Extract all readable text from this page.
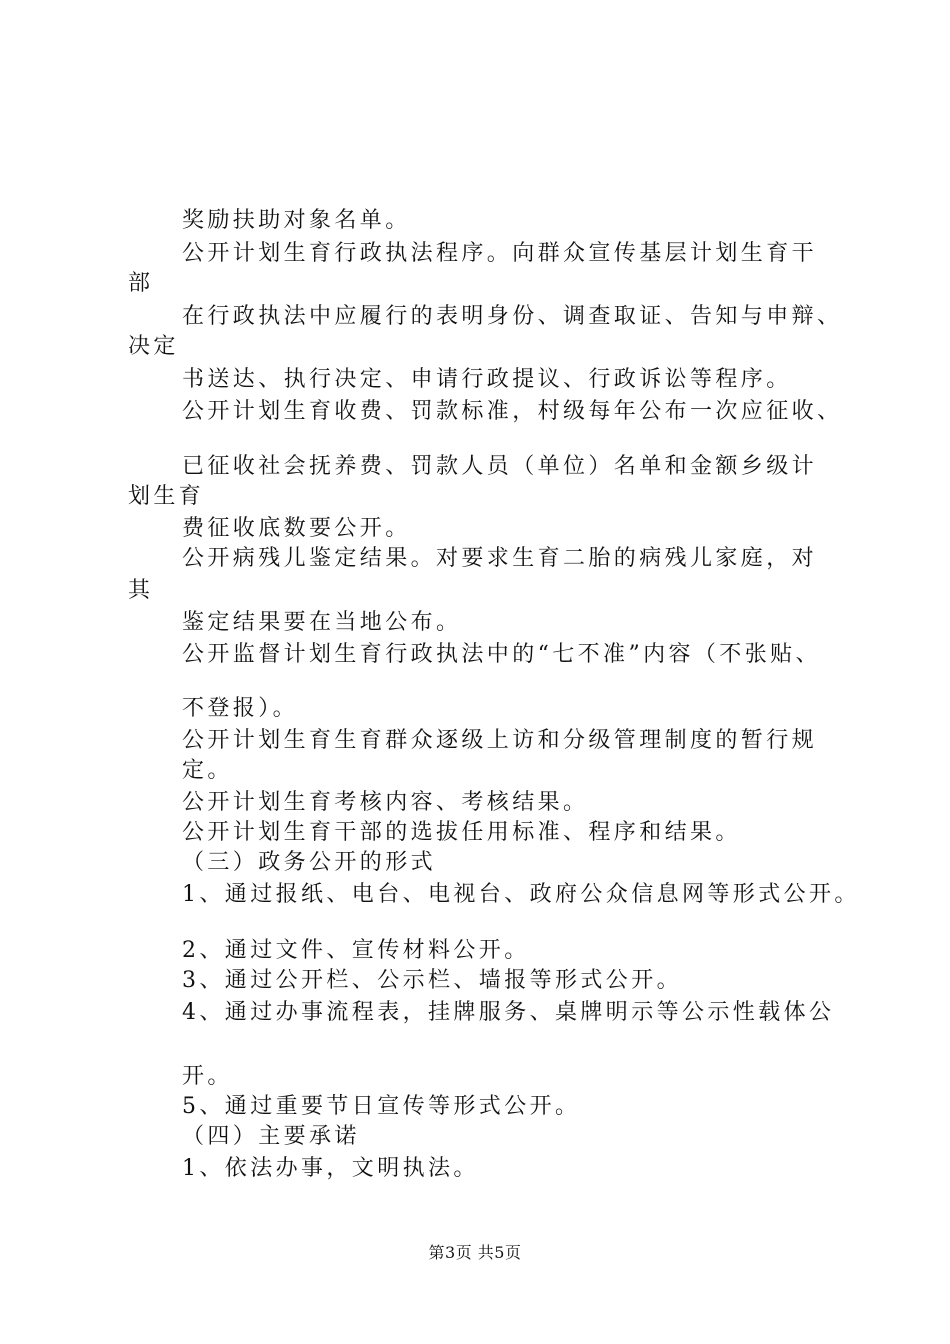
奖励扶助对象名单。
公开计划生育行政执法程序。向群众宣传基层计划生育干
部
在行政执法中应履行的表明身份、调查取证、告知与申辩、
决定
书送达、执行决定、申请行政提议、行政诉讼等程序。
公开计划生育收费、罚款标准，村级每年公布一次应征收、
已征收社会抚养费、罚款人员（单位）名单和金额乡级计
划生育
费征收底数要公开。
公开病残儿鉴定结果。对要求生育二胎的病残儿家庭，对
其
鉴定结果要在当地公布。
公开监督计划生育行政执法中的“七不准”内容（不张贴、
不登报）。
公开计划生育生育群众逐级上访和分级管理制度的暂行规
定。
公开计划生育考核内容、考核结果。
公开计划生育干部的选拔任用标准、程序和结果。
（三）政务公开的形式
1、通过报纸、电台、电视台、政府公众信息网等形式公开。
2、通过文件、宣传材料公开。
3、通过公开栏、公示栏、墙报等形式公开。
4、通过办事流程表，挂牌服务、桌牌明示等公示性载体公
开。
5、通过重要节日宣传等形式公开。
（四）主要承诺
1、依法办事，文明执法。
第3页 共5页
